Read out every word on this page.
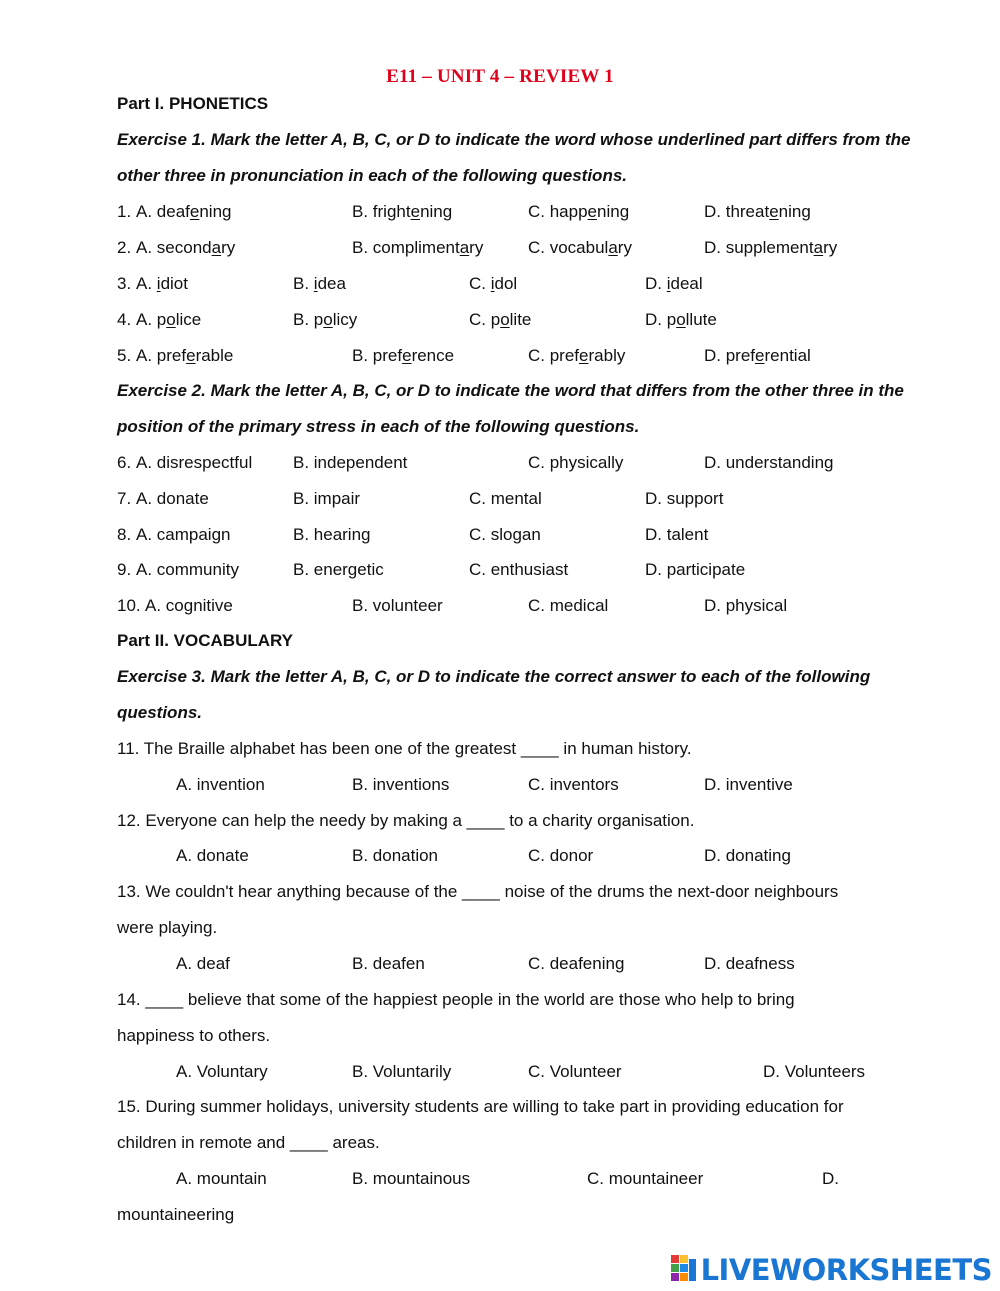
E11 – UNIT 4 – REVIEW 1
Part I. PHONETICS
Exercise 1. Mark the letter A, B, C, or D to indicate the word whose underlined part differs from the
other three in pronunciation in each of the following questions.
1. A. deafening	B. frightening	C. happening	D. threatening
2. A. secondary	B. complimentary	C. vocabulary	D. supplementary
3. A. idiot	B. idea	C. idol	D. ideal
4. A. police	B. policy	C. polite	D. pollute
5. A. preferable	B. preference	C. preferably	D. preferential
Exercise 2. Mark the letter A, B, C, or D to indicate the word that differs from the other three in the
position of the primary stress in each of the following questions.
6. A. disrespectful B. independent	C. physically	D. understanding
7. A. donate	B. impair	C. mental	D. support
8. A. campaign	B. hearing	C. slogan	D. talent
9. A. community	B. energetic	C. enthusiast	D. participate
10. A. cognitive	B. volunteer	C. medical	D. physical
Part II. VOCABULARY
Exercise 3. Mark the letter A, B, C, or D to indicate the correct answer to each of the following
questions.
11. The Braille alphabet has been one of the greatest ____ in human history.
A. invention	B. inventions	C. inventors	D. inventive
12. Everyone can help the needy by making a ____ to a charity organisation.
A. donate	B. donation	C. donor	D. donating
13. We couldn't hear anything because of the ____ noise of the drums the next-door neighbours
were playing.
A. deaf	B. deafen	C. deafening	D. deafness
14. ____ believe that some of the happiest people in the world are those who help to bring
happiness to others.
A. Voluntary	B. Voluntarily	C. Volunteer	D. Volunteers
15. During summer holidays, university students are willing to take part in providing education for
children in remote and ____ areas.
A. mountain	B. mountainous	C. mountaineer	D.
mountaineering
LIVEWORKSHEETS
